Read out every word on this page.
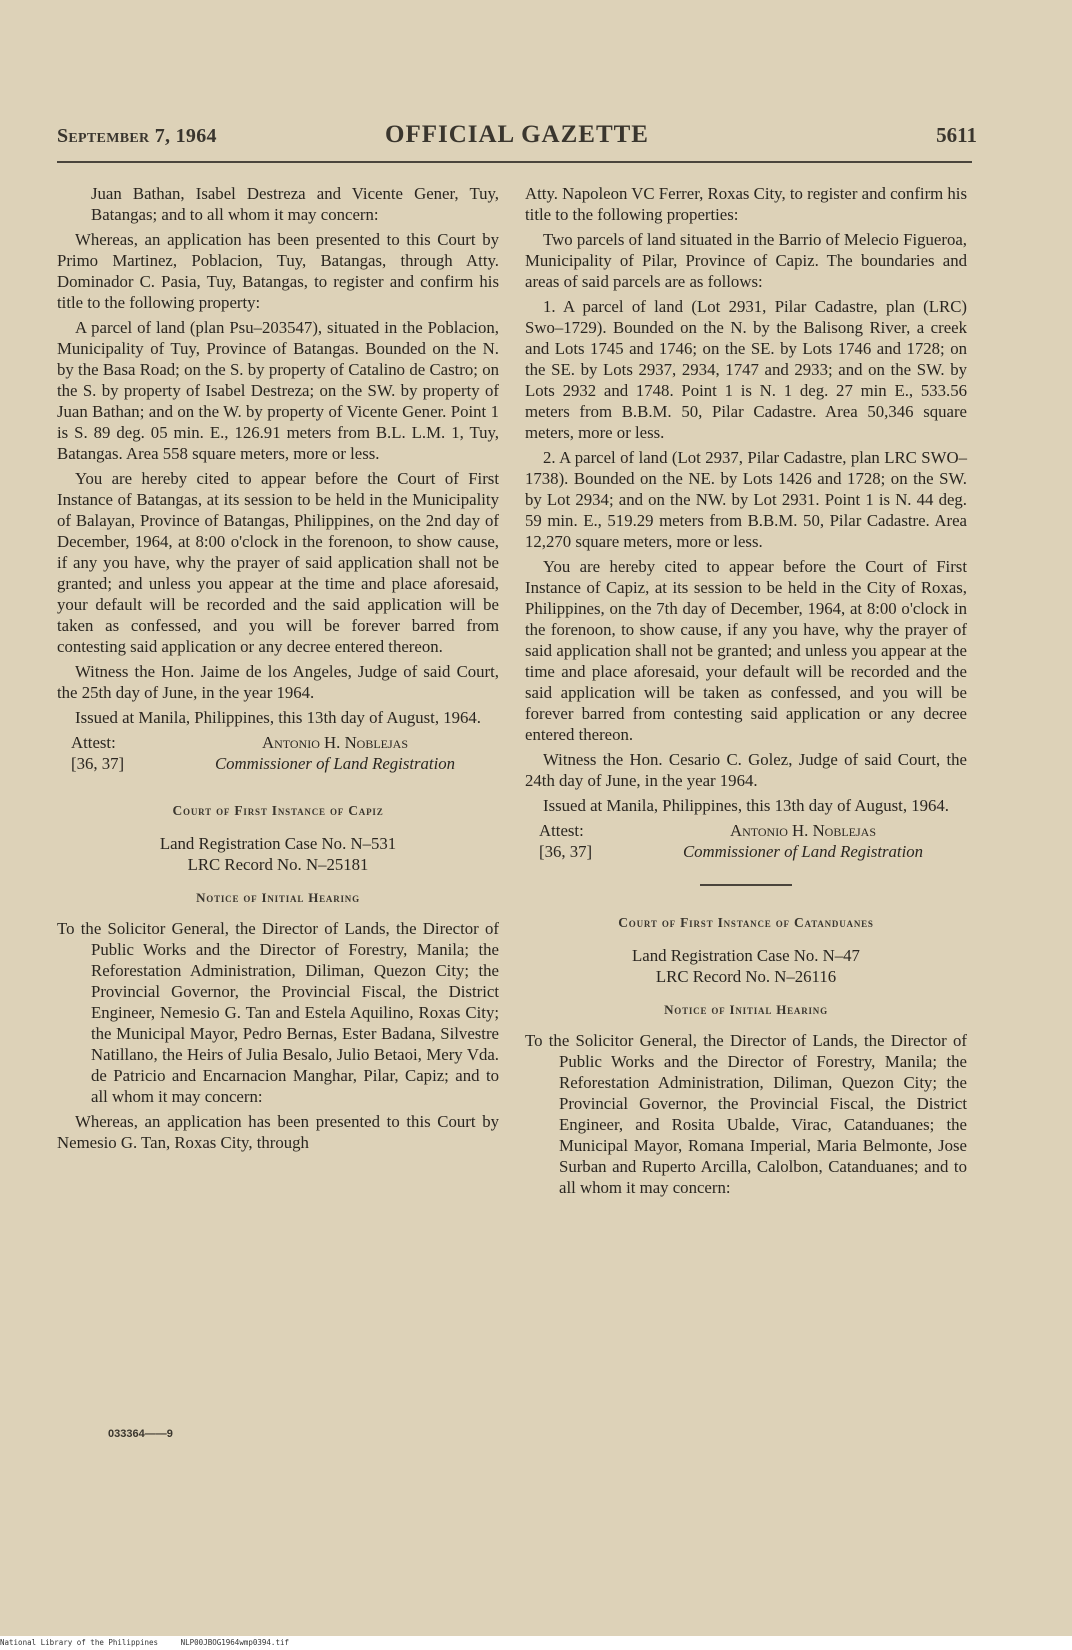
September 7, 1964	OFFICIAL GAZETTE	5611

Juan Bathan, Isabel Destreza and Vicente Gener, Tuy, Batangas; and to all whom it may concern:

Whereas, an application has been presented to this Court by Primo Martinez, Poblacion, Tuy, Batangas, through Atty. Dominador C. Pasia, Tuy, Batangas, to register and confirm his title to the following property:

A parcel of land (plan Psu–203547), situated in the Poblacion, Municipality of Tuy, Province of Batangas. Bounded on the N. by the Basa Road; on the S. by property of Catalino de Castro; on the S. by property of Isabel Destreza; on the SW. by property of Juan Bathan; and on the W. by property of Vicente Gener. Point 1 is S. 89 deg. 05 min. E., 126.91 meters from B.L. L.M. 1, Tuy, Batangas. Area 558 square meters, more or less.

You are hereby cited to appear before the Court of First Instance of Batangas, at its session to be held in the Municipality of Balayan, Province of Batangas, Philippines, on the 2nd day of December, 1964, at 8:00 o'clock in the forenoon, to show cause, if any you have, why the prayer of said application shall not be granted; and unless you appear at the time and place aforesaid, your default will be recorded and the said application will be taken as confessed, and you will be forever barred from contesting said application or any decree entered thereon.

Witness the Hon. Jaime de los Angeles, Judge of said Court, the 25th day of June, in the year 1964.

Issued at Manila, Philippines, this 13th day of August, 1964.

Attest:	Antonio H. Noblejas
[36, 37]	Commissioner of Land Registration
Court of First Instance of Capiz
Land Registration Case No. N–531
LRC Record No. N–25181
Notice of Initial Hearing

To the Solicitor General, the Director of Lands, the Director of Public Works and the Director of Forestry, Manila; the Reforestation Administration, Diliman, Quezon City; the Provincial Governor, the Provincial Fiscal, the District Engineer, Nemesio G. Tan and Estela Aquilino, Roxas City; the Municipal Mayor, Pedro Bernas, Ester Badana, Silvestre Natillano, the Heirs of Julia Besalo, Julio Betaoi, Mery Vda. de Patricio and Encarnacion Manghar, Pilar, Capiz; and to all whom it may concern:

Whereas, an application has been presented to this Court by Nemesio G. Tan, Roxas City, through

033364——9

Atty. Napoleon VC Ferrer, Roxas City, to register and confirm his title to the following properties:

Two parcels of land situated in the Barrio of Melecio Figueroa, Municipality of Pilar, Province of Capiz. The boundaries and areas of said parcels are as follows:

1. A parcel of land (Lot 2931, Pilar Cadastre, plan (LRC) Swo–1729). Bounded on the N. by the Balisong River, a creek and Lots 1745 and 1746; on the SE. by Lots 1746 and 1728; on the SE. by Lots 2937, 2934, 1747 and 2933; and on the SW. by Lots 2932 and 1748. Point 1 is N. 1 deg. 27 min E., 533.56 meters from B.B.M. 50, Pilar Cadastre. Area 50,346 square meters, more or less.

2. A parcel of land (Lot 2937, Pilar Cadastre, plan LRC SWO–1738). Bounded on the NE. by Lots 1426 and 1728; on the SW. by Lot 2934; and on the NW. by Lot 2931. Point 1 is N. 44 deg. 59 min. E., 519.29 meters from B.B.M. 50, Pilar Cadastre. Area 12,270 square meters, more or less.

You are hereby cited to appear before the Court of First Instance of Capiz, at its session to be held in the City of Roxas, Philippines, on the 7th day of December, 1964, at 8:00 o'clock in the forenoon, to show cause, if any you have, why the prayer of said application shall not be granted; and unless you appear at the time and place aforesaid, your default will be recorded and the said application will be taken as confessed, and you will be forever barred from contesting said application or any decree entered thereon.

Witness the Hon. Cesario C. Golez, Judge of said Court, the 24th day of June, in the year 1964.

Issued at Manila, Philippines, this 13th day of August, 1964.

Attest:	Antonio H. Noblejas
[36, 37]	Commissioner of Land Registration
Court of First Instance of Catanduanes
Land Registration Case No. N–47
LRC Record No. N–26116
Notice of Initial Hearing

To the Solicitor General, the Director of Lands, the Director of Public Works and the Director of Forestry, Manila; the Reforestation Administration, Diliman, Quezon City; the Provincial Governor, the Provincial Fiscal, the District Engineer, and Rosita Ubalde, Virac, Catanduanes; the Municipal Mayor, Romana Imperial, Maria Belmonte, Jose Surban and Ruperto Arcilla, Calolbon, Catanduanes; and to all whom it may concern:

National Library of the Philippines     NLP00JBOG1964wmp0394.tif
